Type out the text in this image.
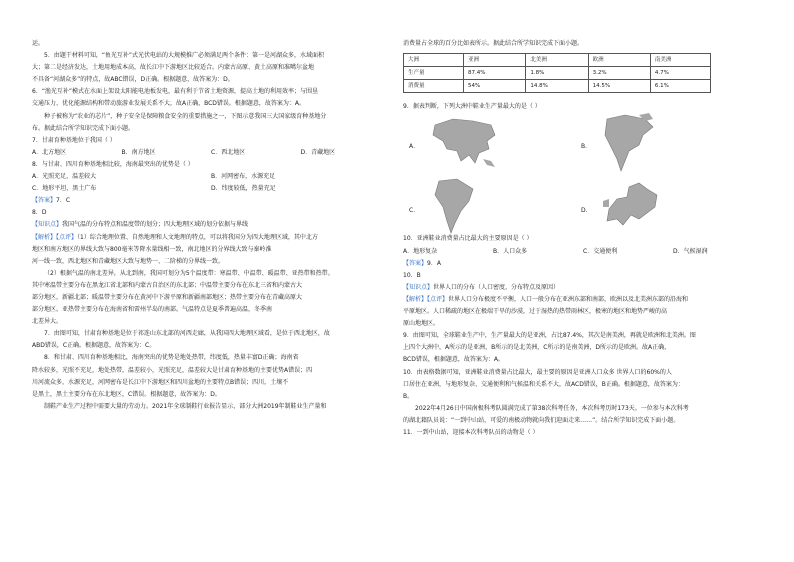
运。

5．由题干材料可知，“鱼光互补”式光伏电站的大规模推广必须满足两个条件：第一是河湖众多，水域面积

大；第二是经济发达，土地用地成本高，故长江中下游地区比较适合。内蒙古高原、黄土高原和准噶尔盆地

不具备“河湖众多”的特点，故ABC错误，D正确。根据题意，故答案为：D。

6．“渔光互补”模式在水面上架设太阳能电池板发电，最有利于节省土地资源，提高土地的利用效率；与围垦

交通压力、优化能源结构和带动旅游业发展关系不大，故A正确，BCD错误。根据题意，故答案为：A。

种子被称为“农业的芯片”，种子安全是保障粮食安全的重要措施之一，下图示意我国三大国家级育种基地分

布。据此结合所学知识完成下面小题。

7．甘肃育种基地位于我国（ ）

A．北方地区	B．南方地区	C．西北地区	D．青藏地区

8．与甘肃、四川育种基地相比较，海南最突出的优势是（ ）

A．光照充足，温差较大	B．河网密布，水源充足
C．地形平坦，黑土广布	D．纬度较低，热量充足

【答案】7．C

8．D

【知识点】我国气温的分布特点和温度带的划分；四大地理区域的划分依据与界线

【解析】【点评】（1）综合地理位置、自然地理和人文地理的特点，可以将我国分为四大地理区域，其中北方

地区和南方地区的界线大致与800毫米等降水量线相一致，南北地区的分界线大致与秦岭淮

河一线一致，西北地区和青藏地区大致与地势一、二阶梯的分界线一致。

（2）根据气温的南北差异，从北到南，我国可划分为5个温度带：寒温带、中温带、暖温带、亚热带和热带。

其中寒温带主要分布在黑龙江省北部和内蒙古自治区的东北部；中温带主要分布在东北三省和内蒙古大

部分地区，新疆北部；暖温带主要分布在黄河中下游平原和新疆南部地区；热带主要分布在青藏高原大

部分地区。亚热带主要分布在海南省和雷州半岛的南部。气温特点是夏季普遍高温，冬季南

北差异大。

7．由图可知，甘肃育种基地是位于祁连山东北部的河西走廊，从我国四大地理区域看，是位于西北地区，故

ABD错误，C正确。根据题意，故答案为：C。

8．和甘肃、四川育种基地相比，海南突出的优势是地处热带，纬度低，热量丰富D正确；海南省

降水较多，光照不充足，地处热带，温差较小，光照充足，温差较大是甘肃育种基地的主要优势A错误；四

川河流众多，水源充足，河网密布是长江中下游地区和四川盆地的主要特点B错误；四川，土壤不

是黑土，黑土主要分布在东北地区，C错误。根据题意，故答案为：D。

制鞋产业生产过程中需要大量的劳动力。2021年全球制鞋行业报告显示，部分大洲2019年制鞋业生产量和

消费量占全球的百分比如表所示。据此结合所学知识完成下面小题。

大洲	亚洲	北美洲	欧洲	南美洲
生产量	87.4%	1.8%	3.2%	4.7%
消费量	54%	14.8%	14.5%	6.1%

9．据表判断，下列大洲中鞋业生产量最大的是（ ）

A．	B．
C．	D．

10．亚洲鞋业消费量占比最大的主要原因是（ ）

A．地形复杂	B．人口众多	C．交通便利	D．气候湿润

【答案】9．A

10．B

【知识点】世界人口的分布（人口密度、分布特点及原因）

【解析】【点评】世界人口分布极度不平衡，人口一般分布在亚洲东部和南部，欧洲以及北美洲东部的沿海和

平原地区。人口稀疏的地区在极端干旱的沙漠，过于湿热的热带雨林区，极寒的地区和地势严峻的高

原山地地区。

9．由图可知，全球鞋业生产中，生产量最大的是亚洲，占比87.4%，其次是南美洲，再就是欧洲和北美洲。图

上四个大洲中，A所示的是亚洲，B所示的是北美洲，C所示的是南美洲，D所示的是欧洲。故A正确，

BCD错误，根据题意，故答案为：A。

10．由表格数据可知，亚洲鞋业消费量占比最大，最主要的原因是亚洲人口众多 世界人口的60%的人

口居住在亚洲，与地形复杂、交通便利和气候温和关系不大，故ACD错误，B正确。根据题意，故答案为：

B。

2022年4月26日中国南极科考队圆满完成了第38次科考任务，本次科考历时173天。一位参与本次科考

的湖北籍队员说：“一到中山站，可爱的南极动物就向我们迎面走来……”。结合所学知识完成下面小题。

11．一到中山站，迎接本次科考队员的动物是（ ）
